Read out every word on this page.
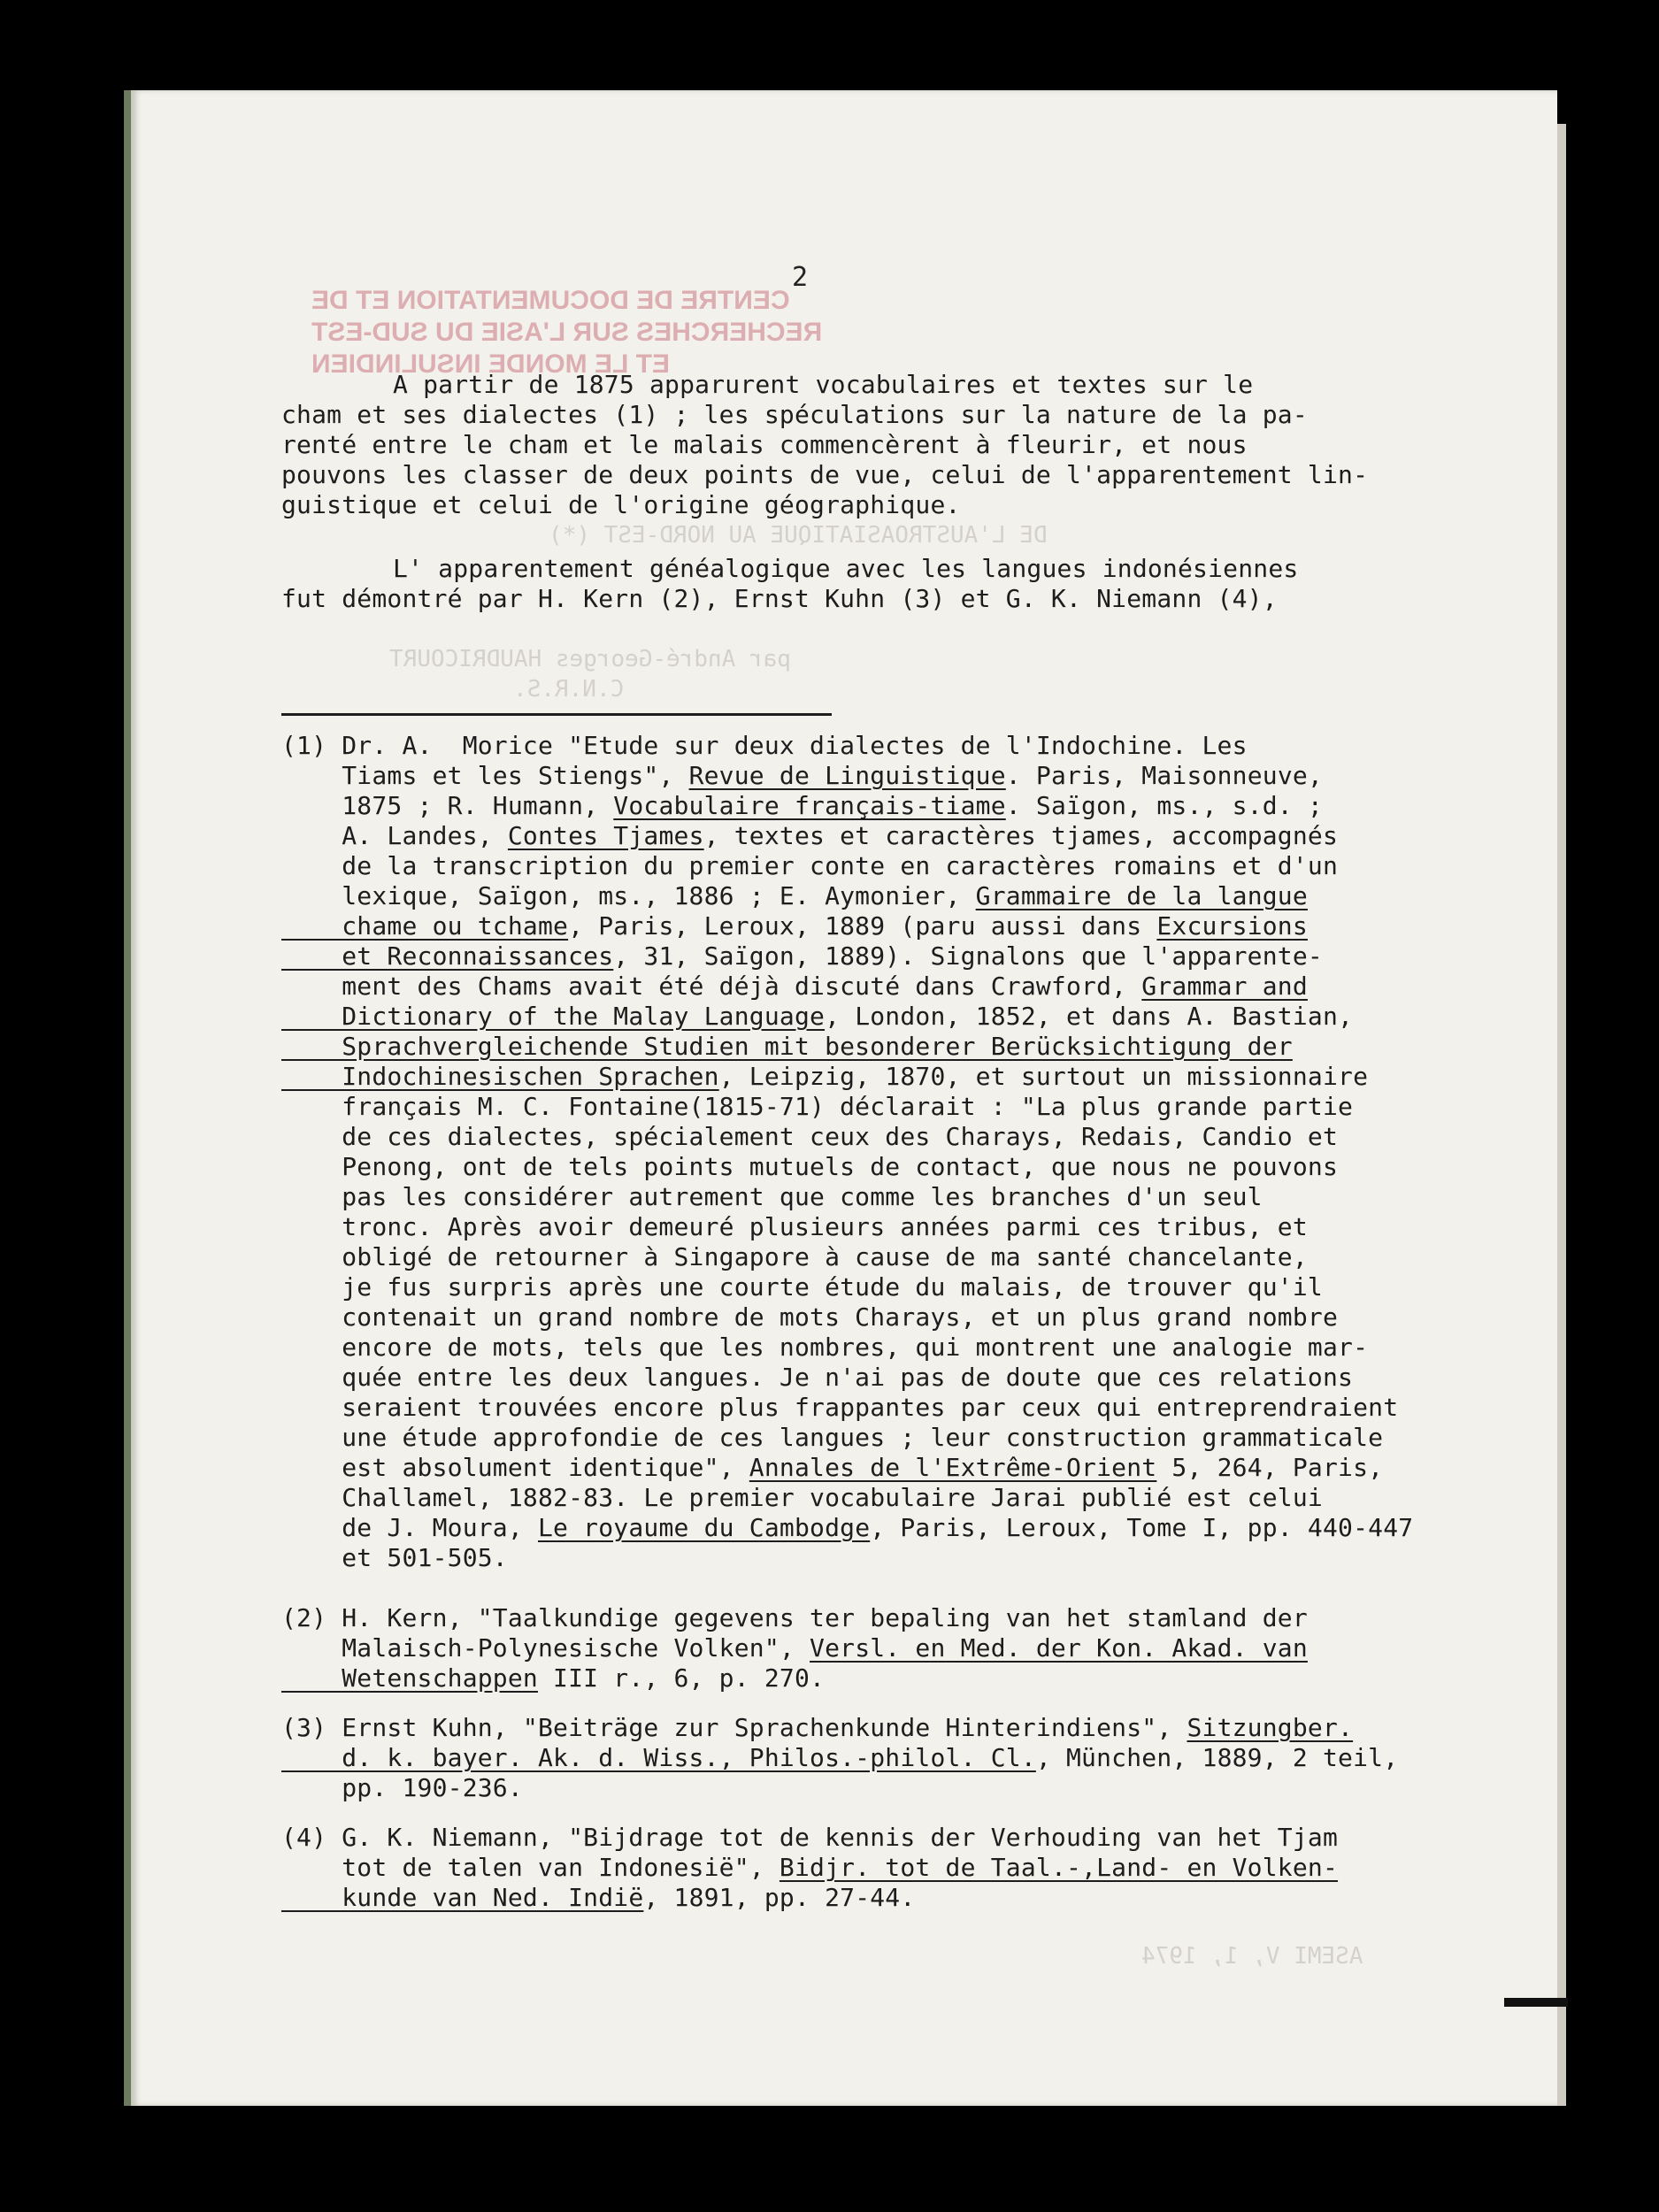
CENTRE DE DOCUMENTATION ET DE
RECHERCHES SUR L'ASIE DU SUD-EST
ET LE MONDE INSULINDIEN
DE L'AUSTROASIATIQUE AU NORD-EST (*)
par André-Georges HAUDRICOURT
C.N.R.S.
ASEMI V, 1, 1974
2
A partir de 1875 apparurent vocabulaires et textes sur le
cham et ses dialectes (1) ; les spéculations sur la nature de la pa-
renté entre le cham et le malais commencèrent à fleurir, et nous
pouvons les classer de deux points de vue, celui de l'apparentement lin-
guistique et celui de l'origine géographique.
L' apparentement généalogique avec les langues indonésiennes
fut démontré par H. Kern (2), Ernst Kuhn (3) et G. K. Niemann (4),
(1) Dr. A.  Morice "Etude sur deux dialectes de l'Indochine. Les
Tiams et les Stiengs", Revue de Linguistique. Paris, Maisonneuve,
1875 ; R. Humann, Vocabulaire français-tiame. Saïgon, ms., s.d. ;
A. Landes, Contes Tjames, textes et caractères tjames, accompagnés
de la transcription du premier conte en caractères romains et d'un
lexique, Saïgon, ms., 1886 ; E. Aymonier, Grammaire de la langue
chame ou tchame, Paris, Leroux, 1889 (paru aussi dans Excursions
et Reconnaissances, 31, Saïgon, 1889). Signalons que l'apparente-
ment des Chams avait été déjà discuté dans Crawford, Grammar and
Dictionary of the Malay Language, London, 1852, et dans A. Bastian,
Sprachvergleichende Studien mit besonderer Berücksichtigung der
Indochinesischen Sprachen, Leipzig, 1870, et surtout un missionnaire
français M. C. Fontaine(1815-71) déclarait : "La plus grande partie
de ces dialectes, spécialement ceux des Charays, Redais, Candio et
Penong, ont de tels points mutuels de contact, que nous ne pouvons
pas les considérer autrement que comme les branches d'un seul
tronc. Après avoir demeuré plusieurs années parmi ces tribus, et
obligé de retourner à Singapore à cause de ma santé chancelante,
je fus surpris après une courte étude du malais, de trouver qu'il
contenait un grand nombre de mots Charays, et un plus grand nombre
encore de mots, tels que les nombres, qui montrent une analogie mar-
quée entre les deux langues. Je n'ai pas de doute que ces relations
seraient trouvées encore plus frappantes par ceux qui entreprendraient
une étude approfondie de ces langues ; leur construction grammaticale
est absolument identique", Annales de l'Extrême-Orient 5, 264, Paris,
Challamel, 1882-83. Le premier vocabulaire Jarai publié est celui
de J. Moura, Le royaume du Cambodge, Paris, Leroux, Tome I, pp. 440-447
et 501-505.
(2) H. Kern, "Taalkundige gegevens ter bepaling van het stamland der
Malaisch-Polynesische Volken", Versl. en Med. der Kon. Akad. van
Wetenschappen III r., 6, p. 270.
(3) Ernst Kuhn, "Beiträge zur Sprachenkunde Hinterindiens", Sitzungber.
d. k. bayer. Ak. d. Wiss., Philos.-philol. Cl., München, 1889, 2 teil,
pp. 190-236.
(4) G. K. Niemann, "Bijdrage tot de kennis der Verhouding van het Tjam
tot de talen van Indonesië", Bidjr. tot de Taal.-,Land- en Volken-
kunde van Ned. Indië, 1891, pp. 27-44.
